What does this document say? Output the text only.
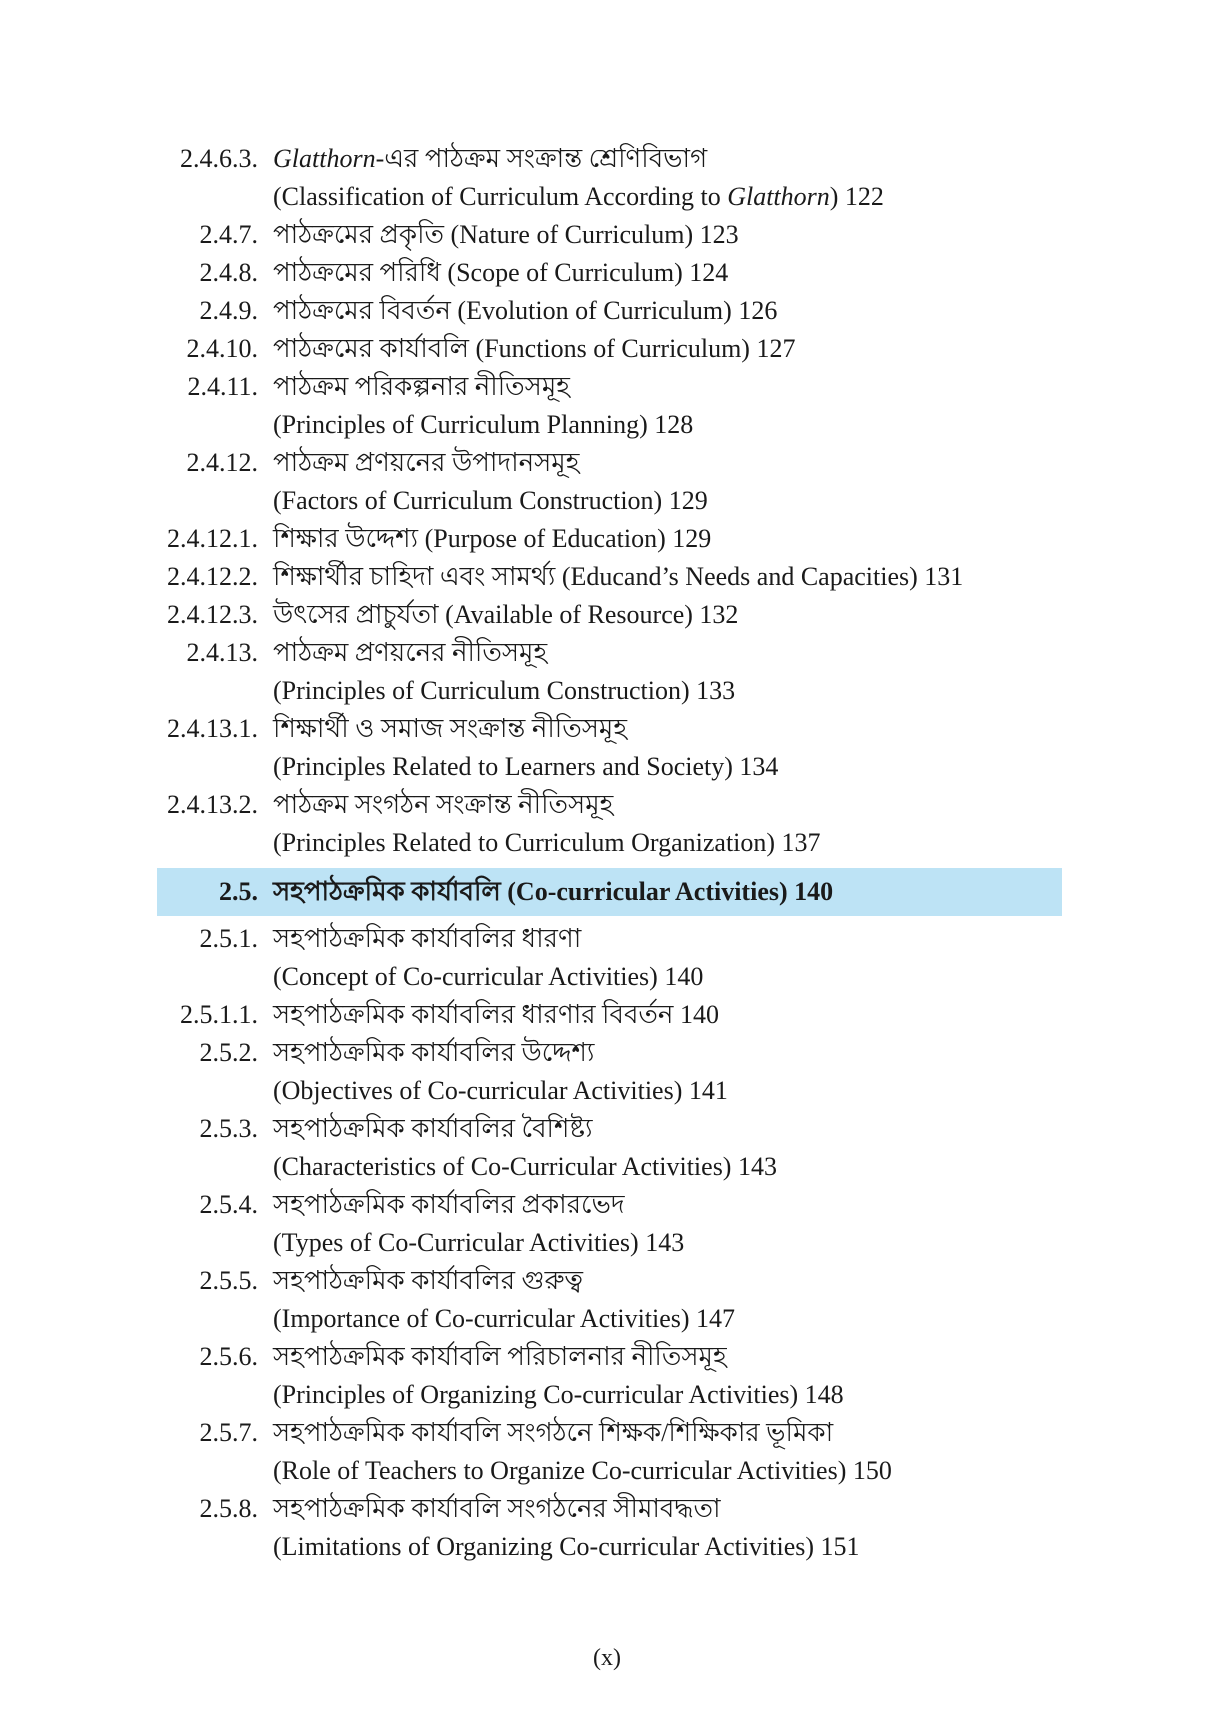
2.4.6.3. Glatthorn-এর পাঠক্রম সংক্রান্ত শ্রেণিবিভাগ
(Classification of Curriculum According to Glatthorn) 122
2.4.7. পাঠক্রমের প্রকৃতি (Nature of Curriculum) 123
2.4.8. পাঠক্রমের পরিধি (Scope of Curriculum) 124
2.4.9. পাঠক্রমের বিবর্তন (Evolution of Curriculum) 126
2.4.10. পাঠক্রমের কার্যাবলি (Functions of Curriculum) 127
2.4.11. পাঠক্রম পরিকল্পনার নীতিসমূহ
(Principles of Curriculum Planning) 128
2.4.12. পাঠক্রম প্রণয়নের উপাদানসমূহ
(Factors of Curriculum Construction) 129
2.4.12.1. শিক্ষার উদ্দেশ্য (Purpose of Education) 129
2.4.12.2. শিক্ষার্থীর চাহিদা এবং সামর্থ্য (Educand’s Needs and Capacities) 131
2.4.12.3. উৎসের প্রাচুর্যতা (Available of Resource) 132
2.4.13. পাঠক্রম প্রণয়নের নীতিসমূহ
(Principles of Curriculum Construction) 133
2.4.13.1. শিক্ষার্থী ও সমাজ সংক্রান্ত নীতিসমূহ
(Principles Related to Learners and Society) 134
2.4.13.2. পাঠক্রম সংগঠন সংক্রান্ত নীতিসমূহ
(Principles Related to Curriculum Organization) 137
2.5. সহপাঠক্রমিক কার্যাবলি (Co-curricular Activities) 140
2.5.1. সহপাঠক্রমিক কার্যাবলির ধারণা
(Concept of Co-curricular Activities) 140
2.5.1.1. সহপাঠক্রমিক কার্যাবলির ধারণার বিবর্তন 140
2.5.2. সহপাঠক্রমিক কার্যাবলির উদ্দেশ্য
(Objectives of Co-curricular Activities) 141
2.5.3. সহপাঠক্রমিক কার্যাবলির বৈশিষ্ট্য
(Characteristics of Co-Curricular Activities) 143
2.5.4. সহপাঠক্রমিক কার্যাবলির প্রকারভেদ
(Types of Co-Curricular Activities) 143
2.5.5. সহপাঠক্রমিক কার্যাবলির গুরুত্ব
(Importance of Co-curricular Activities) 147
2.5.6. সহপাঠক্রমিক কার্যাবলি পরিচালনার নীতিসমূহ
(Principles of Organizing Co-curricular Activities) 148
2.5.7. সহপাঠক্রমিক কার্যাবলি সংগঠনে শিক্ষক/শিক্ষিকার ভূমিকা
(Role of Teachers to Organize Co-curricular Activities) 150
2.5.8. সহপাঠক্রমিক কার্যাবলি সংগঠনের সীমাবদ্ধতা
(Limitations of Organizing Co-curricular Activities) 151
(x)
